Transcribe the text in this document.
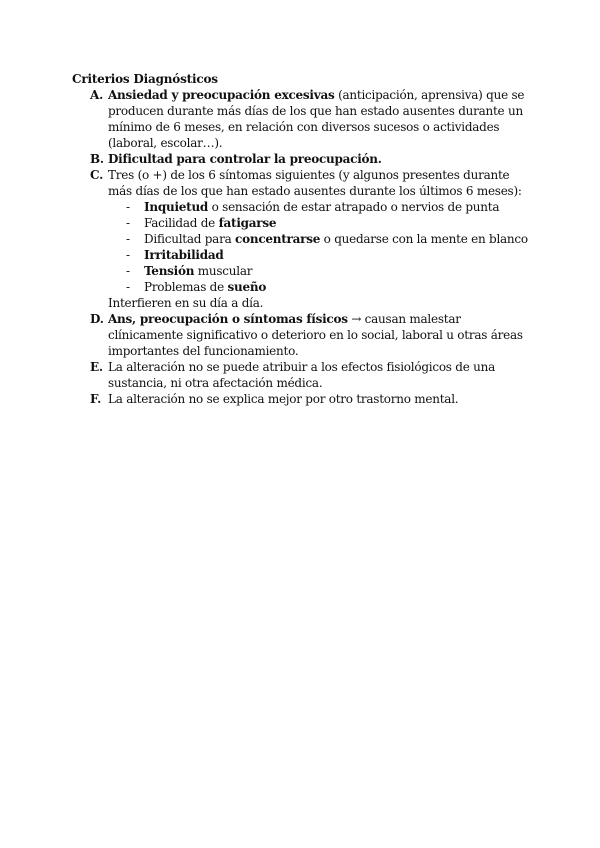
Criterios Diagnósticos

A . Ansiedad y preocupación excesivas (anticipación, aprensiva) que se producen durante más días de los que han estado ausentes durante un mínimo de 6 meses, en relación con diversos sucesos o actividades (laboral, escolar…).

B . Dificultad para controlar la preocupación.

C . Tres (o +) de los 6 síntomas siguientes (y algunos presentes durante más días de los que han estado ausentes durante los últimos 6 meses):

- Inquietud o sensación de estar atrapado o nervios de punta

- Facilidad de fatigarse

- Dificultad para concentrarse o quedarse con la mente en blanco

- Irritabilidad

- Tensión muscular

- Problemas de sueño

Interfieren en su día a día.

D . Ans, preocupación o síntomas físicos → causan malestar clínicamente significativo o deterioro en lo social, laboral u otras áreas importantes del funcionamiento.

E . La alteración no se puede atribuir a los efectos fisiológicos de una sustancia, ni otra afectación médica.

F . La alteración no se explica mejor por otro trastorno mental.
